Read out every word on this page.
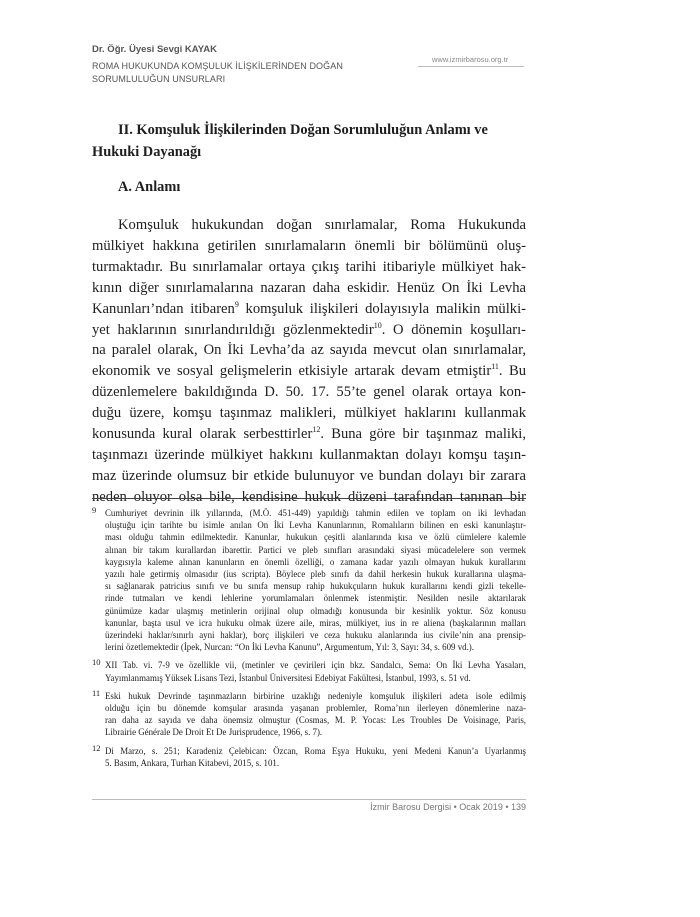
Dr. Öğr. Üyesi Sevgi KAYAK
ROMA HUKUKUNDA KOMŞULUK İLİŞKİLERİNDEN DOĞAN
SORUMLULUĞUN UNSURLARI
www.izmirbarosu.org.tr
II. Komşuluk İlişkilerinden Doğan Sorumluluğun Anlamı ve
Hukuki Dayanağı
A. Anlamı
Komşuluk hukukundan doğan sınırlamalar, Roma Hukukunda
mülkiyet hakkına getirilen sınırlamaların önemli bir bölümünü oluş-
turmaktadır. Bu sınırlamalar ortaya çıkış tarihi itibariyle mülkiyet hak-
kının diğer sınırlamalarına nazaran daha eskidir. Henüz On İki Levha
Kanunları’ndan itibaren$^9$ komşuluk ilişkileri dolayısıyla malikin mülki-
yet haklarının sınırlandırıldığı gözlenmektedir$^{10}$. O dönemin koşulları-
na paralel olarak, On İki Levha’da az sayıda mevcut olan sınırlamalar,
ekonomik ve sosyal gelişmelerin etkisiyle artarak devam etmiştir$^{11}$. Bu
düzenlemelere bakıldığında D. 50. 17. 55’te genel olarak ortaya kon-
duğu üzere, komşu taşınmaz malikleri, mülkiyet haklarını kullanmak
konusunda kural olarak serbesttirler$^{12}$. Buna göre bir taşınmaz maliki,
taşınmazı üzerinde mülkiyet hakkını kullanmaktan dolayı komşu taşın-
maz üzerinde olumsuz bir etkide bulunuyor ve bundan dolayı bir zarara
neden oluyor olsa bile, kendisine hukuk düzeni tarafından tanınan bir
9 Cumhuriyet devrinin ilk yıllarında, (M.Ö. 451-449) yapıldığı tahmin edilen ve toplam on iki levhadan
oluştuğu için tarihte bu isimle anılan On İki Levha Kanunlarının, Romalıların bilinen en eski kanunlaştır-
ması olduğu tahmin edilmektedir. Kanunlar, hukukun çeşitli alanlarında kısa ve özlü cümlelere kalemle
alınan bir takım kurallardan ibarettir. Partici ve pleb sınıfları arasındaki siyasi mücadelelere son vermek
kaygısıyla kaleme alınan kanunların en önemli özelliği, o zamana kadar yazılı olmayan hukuk kurallarını
yazılı hale getirmiş olmasıdır (ius scripta). Böylece pleb sınıfı da dahil herkesin hukuk kurallarına ulaşma-
sı sağlanarak patricius sınıfı ve bu sınıfa mensup rahip hukukçuların hukuk kurallarını kendi gizli tekelle-
rinde tutmaları ve kendi lehlerine yorumlamaları önlenmek istenmiştir. Nesilden nesile aktarılarak
günümüze kadar ulaşmış metinlerin orijinal olup olmadığı konusunda bir kesinlik yoktur. Söz konusu
kanunlar, başta usul ve icra hukuku olmak üzere aile, miras, mülkiyet, ius in re aliena (başkalarının malları
üzerindeki haklar/sınırlı ayni haklar), borç ilişkileri ve ceza hukuku alanlarında ius civile’nin ana prensip-
lerini özetlemektedir (İpek, Nurcan: “On İki Levha Kanunu”, Argumentum, Yıl: 3, Sayı: 34, s. 609 vd.).
10 XII Tab. vi. 7-9 ve özellikle vii, (metinler ve çevirileri için bkz. Sandalcı, Sema: On İki Levha Yasaları,
Yayımlanmamış Yüksek Lisans Tezi, İstanbul Üniversitesi Edebiyat Fakültesi, İstanbul, 1993, s. 51 vd.
11 Eski hukuk Devrinde taşınmazların birbirine uzaklığı nedeniyle komşuluk ilişkileri adeta isole edilmiş
olduğu için bu dönemde komşular arasında yaşanan problemler, Roma’nın ilerleyen dönemlerine naza-
ran daha az sayıda ve daha önemsiz olmuştur (Cosmas, M. P. Yocas: Les Troubles De Voisinage, Paris,
Librairie Générale De Droit Et De Jurisprudence, 1966, s. 7).
12 Di Marzo, s. 251; Karadeniz Çelebican: Özcan, Roma Eşya Hukuku, yeni Medeni Kanun’a Uyarlanmış
5. Basım, Ankara, Turhan Kitabevi, 2015, s. 101.
İzmir Barosu Dergisi • Ocak 2019 • 139
